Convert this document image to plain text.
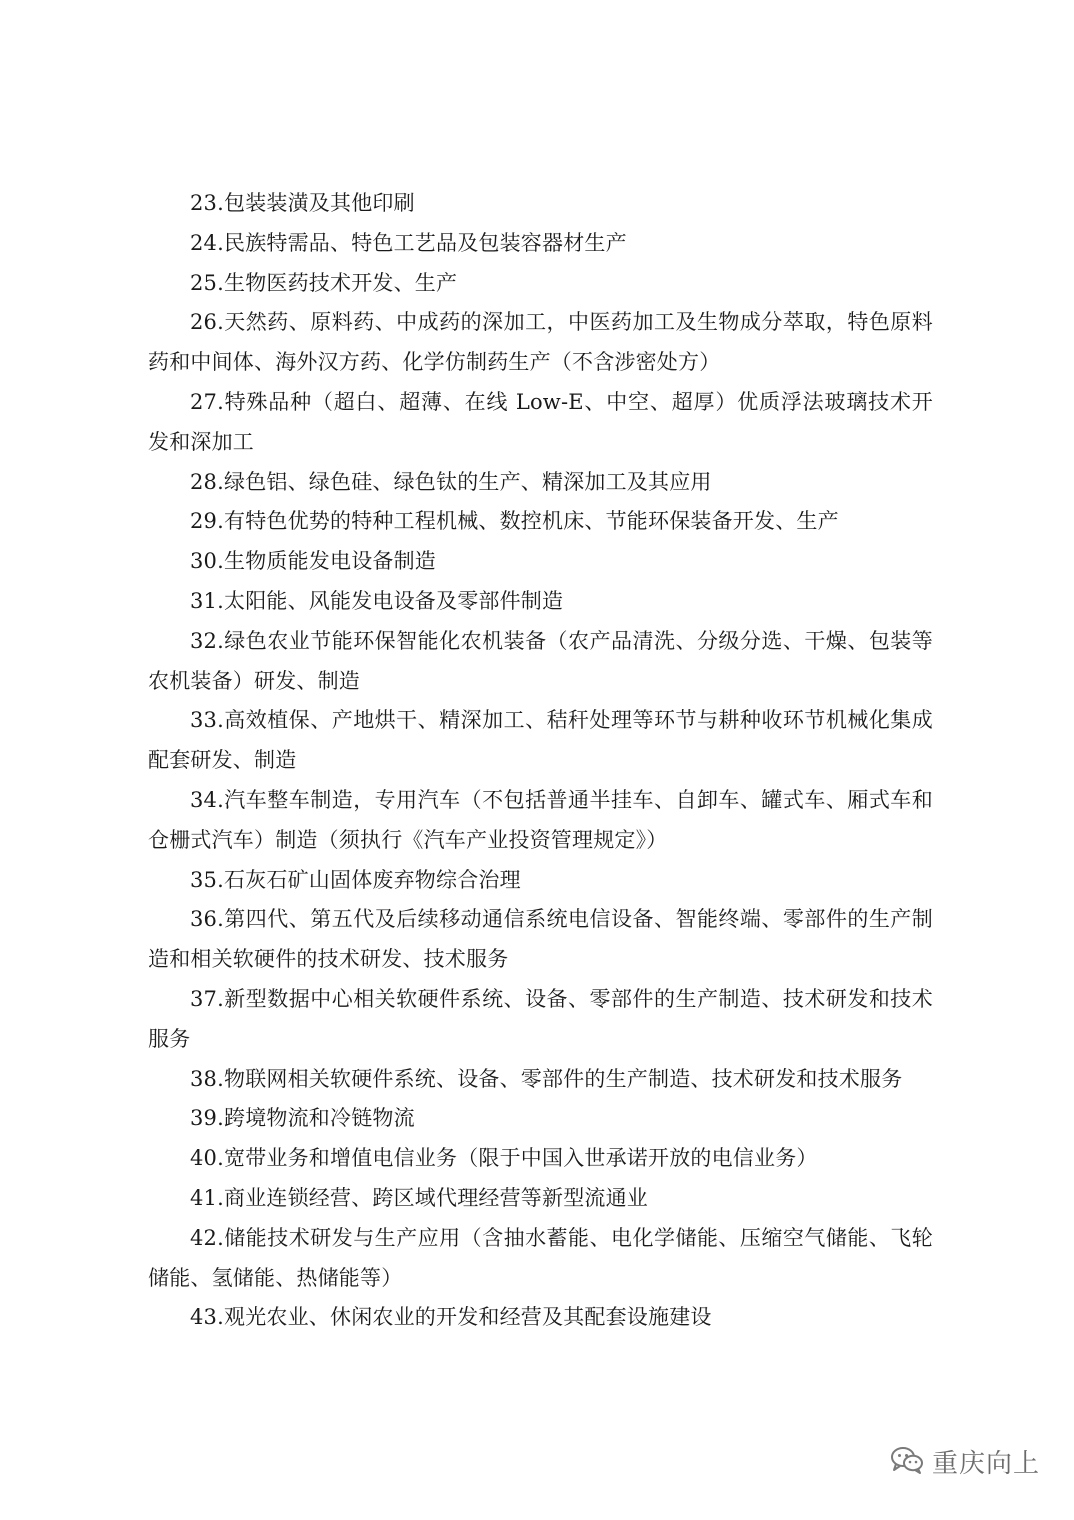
23.包装装潢及其他印刷

24.民族特需品、特色工艺品及包装容器材生产

25.生物医药技术开发、生产

26.天然药、原料药、中成药的深加工，中医药加工及生物成分萃取，特色原料药和中间体、海外汉方药、化学仿制药生产（不含涉密处方）

27.特殊品种（超白、超薄、在线 Low-E、中空、超厚）优质浮法玻璃技术开发和深加工

28.绿色铝、绿色硅、绿色钛的生产、精深加工及其应用

29.有特色优势的特种工程机械、数控机床、节能环保装备开发、生产

30.生物质能发电设备制造

31.太阳能、风能发电设备及零部件制造

32.绿色农业节能环保智能化农机装备（农产品清洗、分级分选、干燥、包装等农机装备）研发、制造

33.高效植保、产地烘干、精深加工、秸秆处理等环节与耕种收环节机械化集成配套研发、制造

34.汽车整车制造，专用汽车（不包括普通半挂车、自卸车、罐式车、厢式车和仓栅式汽车）制造（须执行《汽车产业投资管理规定》）

35.石灰石矿山固体废弃物综合治理

36.第四代、第五代及后续移动通信系统电信设备、智能终端、零部件的生产制造和相关软硬件的技术研发、技术服务

37.新型数据中心相关软硬件系统、设备、零部件的生产制造、技术研发和技术服务

38.物联网相关软硬件系统、设备、零部件的生产制造、技术研发和技术服务

39.跨境物流和冷链物流

40.宽带业务和增值电信业务（限于中国入世承诺开放的电信业务）

41.商业连锁经营、跨区域代理经营等新型流通业

42.储能技术研发与生产应用（含抽水蓄能、电化学储能、压缩空气储能、飞轮储能、氢储能、热储能等）

43.观光农业、休闲农业的开发和经营及其配套设施建设

重庆向上
